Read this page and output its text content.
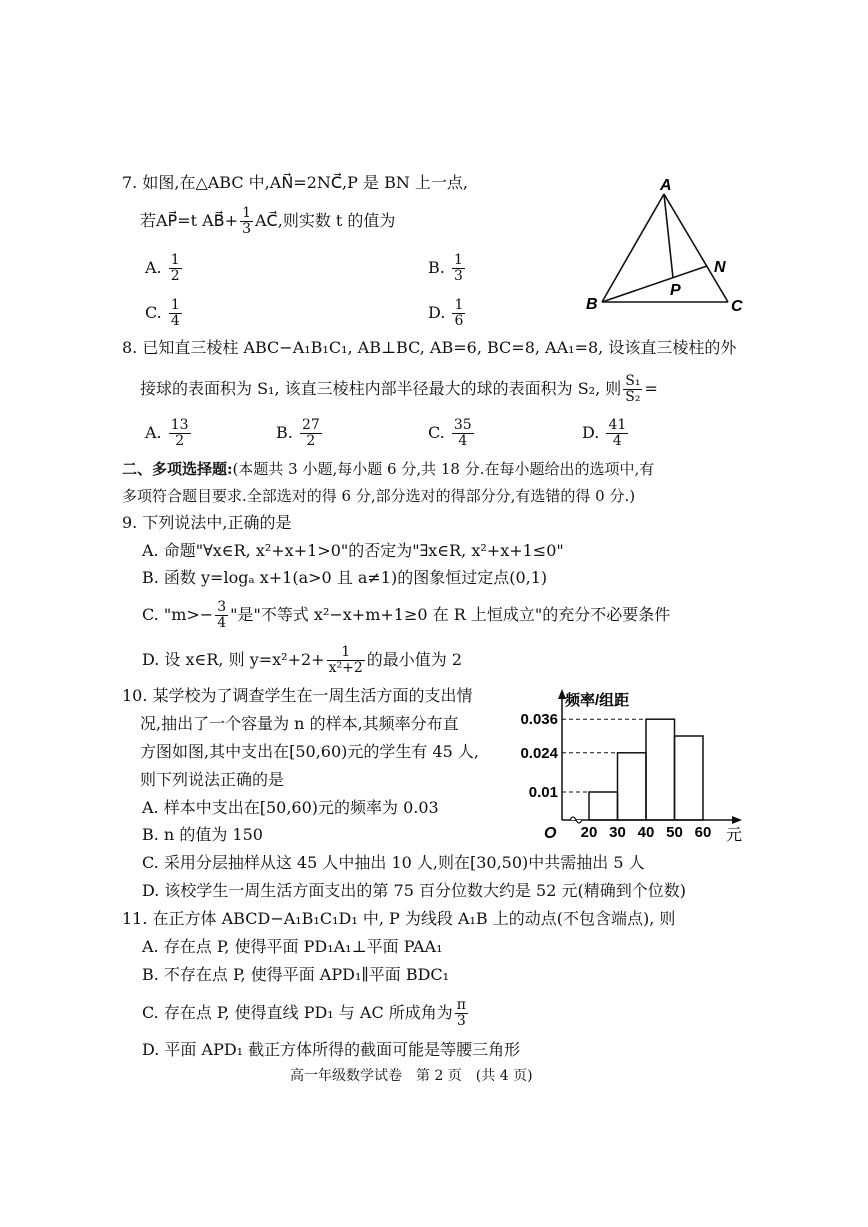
7. 如图,在△ABC 中,AN⃗=2NC⃗,P 是 BN 上一点,
若AP⃗=t AB⃗+ $\frac{1}{3}$ AC⃗,则实数 t 的值为
A. $\frac{1}{2}$	B. $\frac{1}{3}$
C. $\frac{1}{4}$	D. $\frac{1}{6}$
A
B	C
N
P
8. 已知直三棱柱 ABC−A₁B₁C₁, AB⊥BC, AB=6, BC=8, AA₁=8, 设该直三棱柱的外
接球的表面积为 S₁, 该直三棱柱内部半径最大的球的表面积为 S₂, 则 $\frac{\text{S₁}}{\text{S₂}}$ =
A. $\frac{13}{2}$	B. $\frac{27}{2}$	C. $\frac{35}{4}$	D. $\frac{41}{4}$
二、多项选择题:(本题共 3 小题,每小题 6 分,共 18 分.在每小题给出的选项中,有
多项符合题目要求.全部选对的得 6 分,部分选对的得部分分,有选错的得 0 分.)
9. 下列说法中,正确的是
A. 命题"∀x∈R, x²+x+1>0"的否定为"∃x∈R, x²+x+1≤0"
B. 函数 y=logₐ x+1(a>0 且 a≠1)的图象恒过定点(0,1)
C. "$m>- \frac{3}{4}$ "是"不等式 x²−x+m+1≥0 在 R 上恒成立"的充分不必要条件
D. 设 x∈R, 则 $y=x^2+2+ \frac{1}{\text{x²+2}}$ 的最小值为 2
10. 某学校为了调查学生在一周生活方面的支出情
况,抽出了一个容量为 n 的样本,其频率分布直
方图如图,其中支出在[50,60)元的学生有 45 人,
则下列说法正确的是
A. 样本中支出在[50,60)元的频率为 0.03
B. n 的值为 150
C. 采用分层抽样从这 45 人中抽出 10 人,则在[30,50)中共需抽出 5 人
D. 该校学生一周生活方面支出的第 75 百分位数大约是 52 元(精确到个位数)
频率/组距
元
O
0.01
0.024
0.036
20 30 40 50 60
11. 在正方体 ABCD−A₁B₁C₁D₁ 中, P 为线段 A₁B 上的动点(不包含端点), 则
A. 存在点 P, 使得平面 PD₁A₁⊥平面 PAA₁
B. 不存在点 P, 使得平面 APD₁∥平面 BDC₁
C. 存在点 P, 使得直线 PD₁ 与 AC 所成角为 $\frac{\pi}{3}$
D. 平面 APD₁ 截正方体所得的截面可能是等腰三角形
高一年级数学试卷　第 2 页　(共 4 页)
